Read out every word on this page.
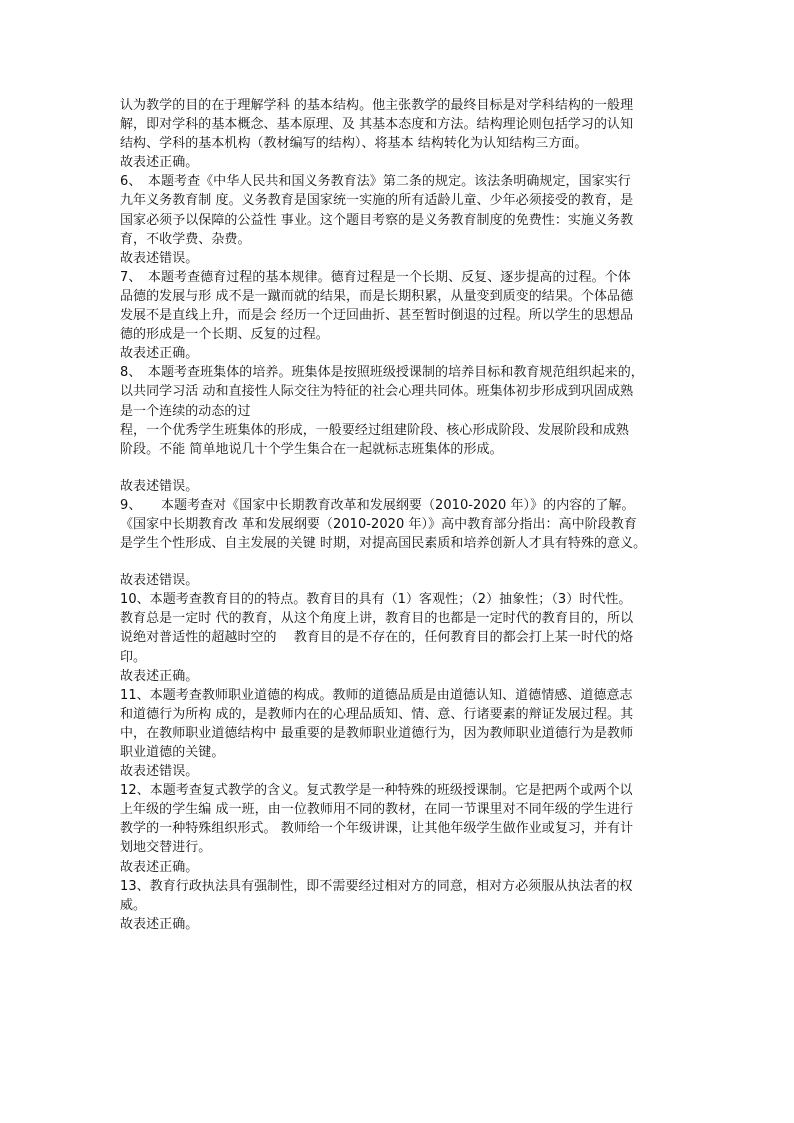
认为教学的目的在于理解学科 的基本结构。他主张教学的最终目标是对学科结构的一般理
解，即对学科的基本概念、基本原理、及 其基本态度和方法。结构理论则包括学习的认知
结构、学科的基本机构（教材编写的结构）、将基本 结构转化为认知结构三方面。
故表述正确。
6、　本题考查《中华人民共和国义务教育法》第二条的规定。该法条明确规定，国家实行
九年义务教育制 度。义务教育是国家统一实施的所有适龄儿童、少年必须接受的教育，是
国家必须予以保障的公益性 事业。这个题目考察的是义务教育制度的免费性：实施义务教
育，不收学费、杂费。
故表述错误。
7、　本题考查德育过程的基本规律。德育过程是一个长期、反复、逐步提高的过程。个体
品德的发展与形 成不是一蹴而就的结果，而是长期积累，从量变到质变的结果。个体品德
发展不是直线上升，而是会 经历一个迂回曲折、甚至暂时倒退的过程。所以学生的思想品
德的形成是一个长期、反复的过程。
故表述正确。
8、　本题考查班集体的培养。班集体是按照班级授课制的培养目标和教育规范组织起来的，
以共同学习活 动和直接性人际交往为特征的社会心理共同体。班集体初步形成到巩固成熟
是一个连续的动态的过
程，一个优秀学生班集体的形成，一般要经过组建阶段、核心形成阶段、发展阶段和成熟
阶段。不能 简单地说几十个学生集合在一起就标志班集体的形成。
故表述错误。
9、　　本题考查对《国家中长期教育改革和发展纲要（2010-2020 年）》的内容的了解。
《国家中长期教育改 革和发展纲要（2010-2020 年）》高中教育部分指出：高中阶段教育
是学生个性形成、自主发展的关键 时期，对提高国民素质和培养创新人才具有特殊的意义。
故表述错误。
10、本题考查教育目的的特点。教育目的具有（1）客观性；（2）抽象性；（3）时代性。
教育总是一定时 代的教育，从这个角度上讲，教育目的也都是一定时代的教育目的，所以
说绝对普适性的超越时空的　 教育目的是不存在的，任何教育目的都会打上某一时代的烙
印。
故表述正确。
11、本题考查教师职业道德的构成。教师的道德品质是由道德认知、道德情感、道德意志
和道德行为所构 成的，是教师内在的心理品质知、情、意、行诸要素的辩证发展过程。其
中，在教师职业道德结构中 最重要的是教师职业道德行为，因为教师职业道德行为是教师
职业道德的关键。
故表述错误。
12、本题考查复式教学的含义。复式教学是一种特殊的班级授课制。它是把两个或两个以
上年级的学生编 成一班，由一位教师用不同的教材，在同一节课里对不同年级的学生进行
教学的一种特殊组织形式。 教师给一个年级讲课，让其他年级学生做作业或复习，并有计
划地交替进行。
故表述正确。
13、教育行政执法具有强制性，即不需要经过相对方的同意，相对方必须服从执法者的权
威。
故表述正确。
